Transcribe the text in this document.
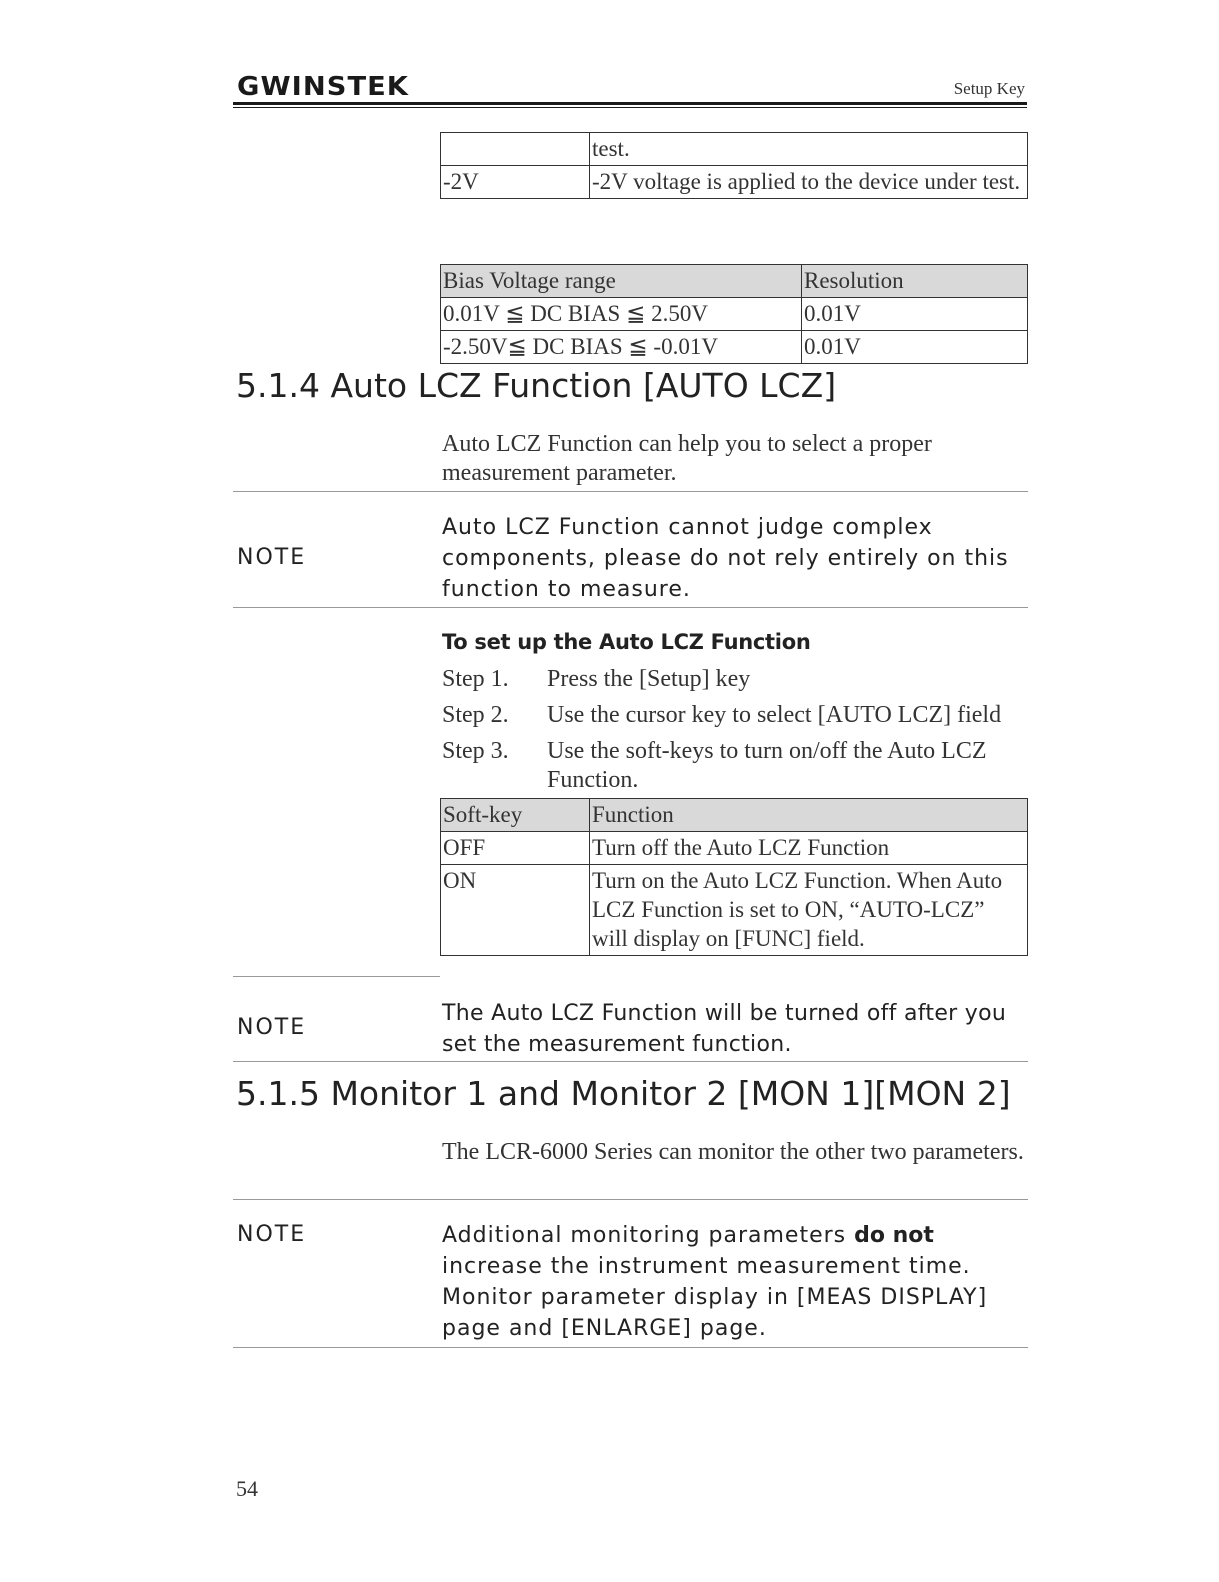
GWINSTEK	Setup Key
	test.
-2V	-2V voltage is applied to the device under test.
Bias Voltage range	Resolution
0.01V ≦ DC BIAS ≦ 2.50V	0.01V
-2.50V≦ DC BIAS ≦ -0.01V	0.01V
5.1.4 Auto LCZ Function [AUTO LCZ]
Auto LCZ Function can help you to select a proper measurement parameter.
NOTE
Auto LCZ Function cannot judge complex components, please do not rely entirely on this function to measure.
To set up the Auto LCZ Function
Step 1. Press the [Setup] key
Step 2. Use the cursor key to select [AUTO LCZ] field
Step 3. Use the soft-keys to turn on/off the Auto LCZ Function.
Soft-key	Function
OFF	Turn off the Auto LCZ Function
ON	Turn on the Auto LCZ Function. When Auto LCZ Function is set to ON, “AUTO-LCZ” will display on [FUNC] field.
NOTE
The Auto LCZ Function will be turned off after you set the measurement function.
5.1.5 Monitor 1 and Monitor 2 [MON 1][MON 2]
The LCR-6000 Series can monitor the other two parameters.
NOTE	Additional monitoring parameters do not increase the instrument measurement time. Monitor parameter display in [MEAS DISPLAY] page and [ENLARGE] page.
54
